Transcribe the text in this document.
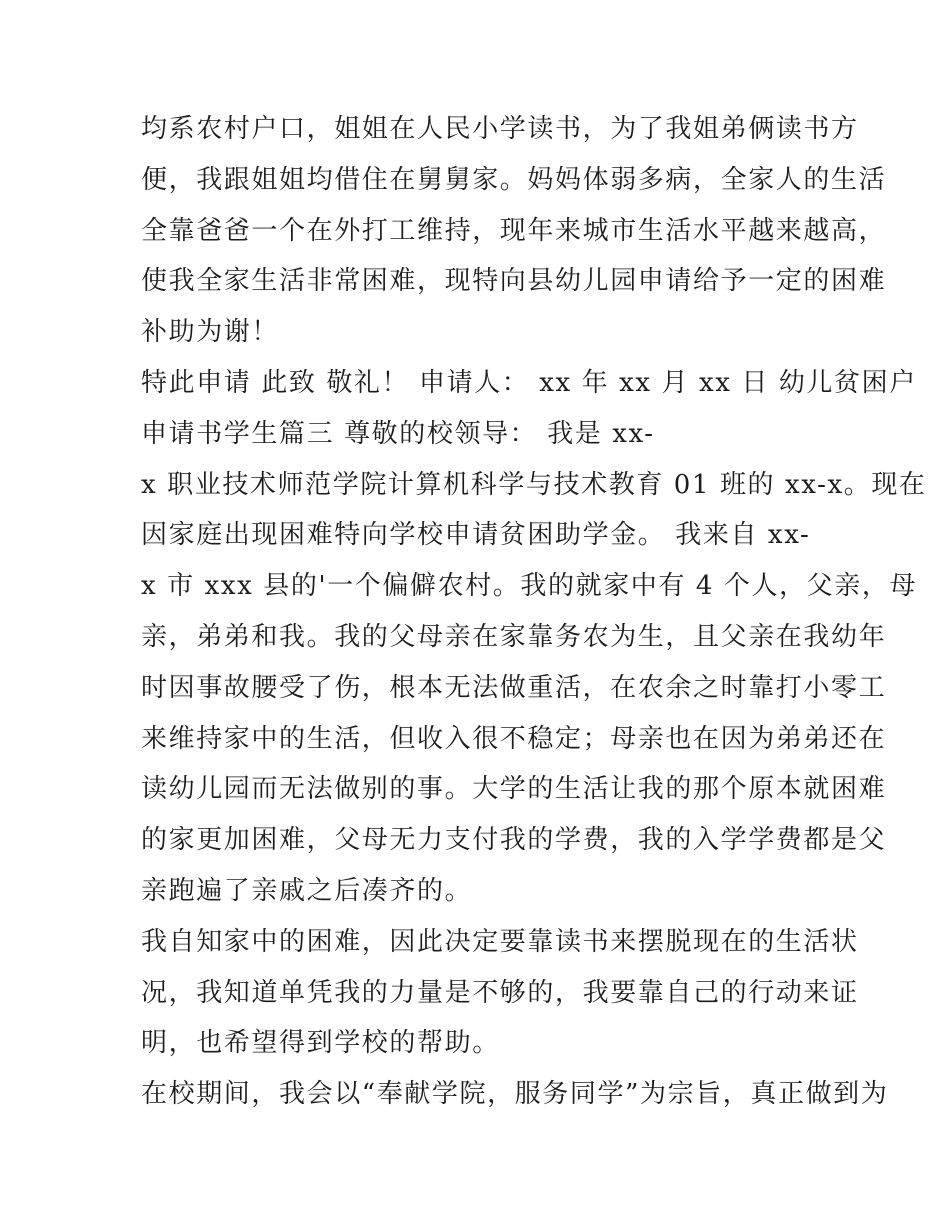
均系农村户口，姐姐在人民小学读书，为了我姐弟俩读书方
便，我跟姐姐均借住在舅舅家。妈妈体弱多病，全家人的生活
全靠爸爸一个在外打工维持，现年来城市生活水平越来越高，
使我全家生活非常困难，现特向县幼儿园申请给予一定的困难
补助为谢！
特此申请 此致 敬礼！ 申请人： xx 年 xx 月 xx 日 幼儿贫困户
申请书学生篇三 尊敬的校领导： 我是 xx-
x 职业技术师范学院计算机科学与技术教育 01 班的 xx-x。现在
因家庭出现困难特向学校申请贫困助学金。 我来自 xx-
x 市 xxx 县的'一个偏僻农村。我的就家中有 4 个人，父亲，母
亲，弟弟和我。我的父母亲在家靠务农为生，且父亲在我幼年
时因事故腰受了伤，根本无法做重活，在农余之时靠打小零工
来维持家中的生活，但收入很不稳定；母亲也在因为弟弟还在
读幼儿园而无法做别的事。大学的生活让我的那个原本就困难
的家更加困难，父母无力支付我的学费，我的入学学费都是父
亲跑遍了亲戚之后凑齐的。
我自知家中的困难，因此决定要靠读书来摆脱现在的生活状
况，我知道单凭我的力量是不够的，我要靠自己的行动来证
明，也希望得到学校的帮助。
在校期间，我会以“奉献学院，服务同学”为宗旨，真正做到为
